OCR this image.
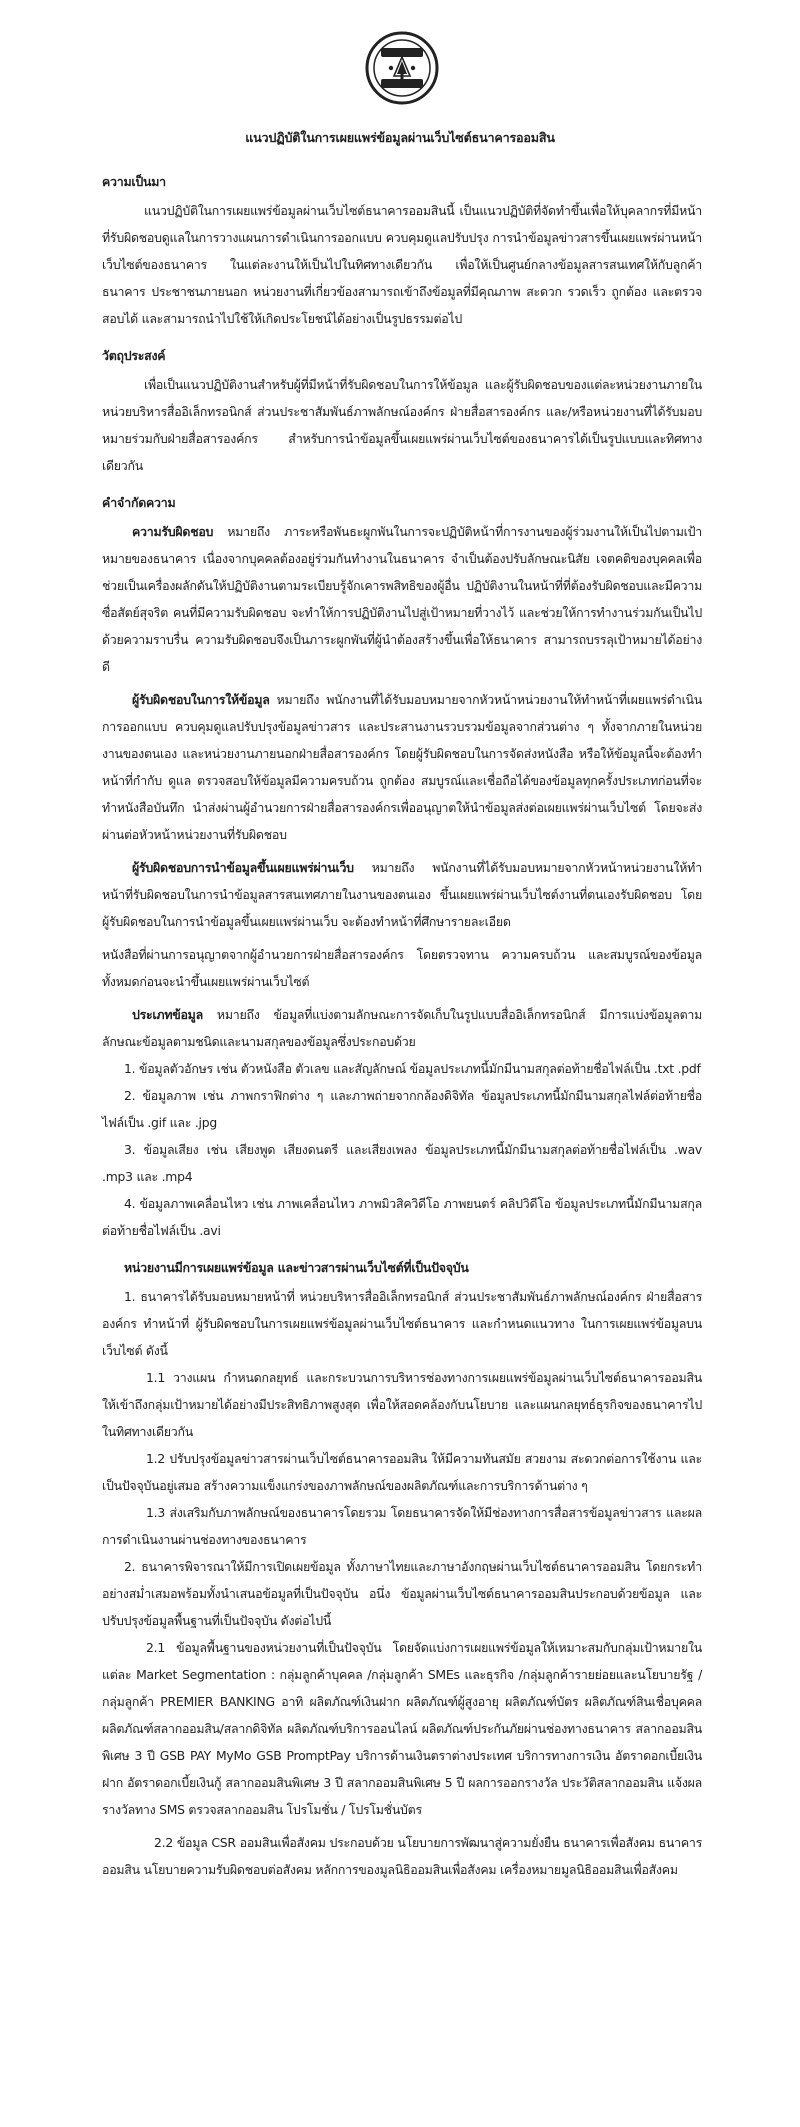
แนวปฏิบัติในการเผยแพร่ข้อมูลผ่านเว็บไซต์ธนาคารออมสิน
ความเป็นมา
แนวปฏิบัติในการเผยแพร่ข้อมูลผ่านเว็บไซต์ธนาคารออมสินนี้ เป็นแนวปฏิบัติที่จัดทำขึ้นเพื่อให้บุคลากรที่มีหน้าที่รับผิดชอบดูแลในการวางแผนการดำเนินการออกแบบ ควบคุมดูแลปรับปรุง การนำข้อมูลข่าวสารขึ้นเผยแพร่ผ่านหน้าเว็บไซต์ของธนาคาร ในแต่ละงานให้เป็นไปในทิศทางเดียวกัน เพื่อให้เป็นศูนย์กลางข้อมูลสารสนเทศให้กับลูกค้าธนาคาร ประชาชนภายนอก หน่วยงานที่เกี่ยวข้องสามารถเข้าถึงข้อมูลที่มีคุณภาพ สะดวก รวดเร็ว ถูกต้อง และตรวจสอบได้ และสามารถนำไปใช้ให้เกิดประโยชน์ได้อย่างเป็นรูปธรรมต่อไป
วัตถุประสงค์
เพื่อเป็นแนวปฏิบัติงานสำหรับผู้ที่มีหน้าที่รับผิดชอบในการให้ข้อมูล และผู้รับผิดชอบของแต่ละหน่วยงานภายในหน่วยบริหารสื่ออิเล็กทรอนิกส์ ส่วนประชาสัมพันธ์ภาพลักษณ์องค์กร ฝ่ายสื่อสารองค์กร และ/หรือหน่วยงานที่ได้รับมอบหมายร่วมกับฝ่ายสื่อสารองค์กร สำหรับการนำข้อมูลขึ้นเผยแพร่ผ่านเว็บไซต์ของธนาคารได้เป็นรูปแบบและทิศทางเดียวกัน
คำจำกัดความ
ความรับผิดชอบ หมายถึง ภาระหรือพันธะผูกพันในการจะปฏิบัติหน้าที่การงานของผู้ร่วมงานให้เป็นไปตามเป้าหมายของธนาคาร เนื่องจากบุคคลต้องอยู่ร่วมกันทำงานในธนาคาร จำเป็นต้องปรับลักษณะนิสัย เจตคติของบุคคลเพื่อช่วยเป็นเครื่องผลักดันให้ปฏิบัติงานตามระเบียบรู้จักเคารพสิทธิของผู้อื่น ปฏิบัติงานในหน้าที่ที่ต้องรับผิดชอบและมีความซื่อสัตย์สุจริต คนที่มีความรับผิดชอบ จะทำให้การปฏิบัติงานไปสู่เป้าหมายที่วางไว้ และช่วยให้การทำงานร่วมกันเป็นไปด้วยความราบรื่น ความรับผิดชอบจึงเป็นภาระผูกพันที่ผู้นำต้องสร้างขึ้นเพื่อให้ธนาคาร สามารถบรรลุเป้าหมายได้อย่างดี
ผู้รับผิดชอบในการให้ข้อมูล หมายถึง พนักงานที่ได้รับมอบหมายจากหัวหน้าหน่วยงานให้ทำหน้าที่เผยแพร่ดำเนินการออกแบบ ควบคุมดูแลปรับปรุงข้อมูลข่าวสาร และประสานงานรวบรวมข้อมูลจากส่วนต่าง ๆ ทั้งจากภายในหน่วยงานของตนเอง และหน่วยงานภายนอกฝ่ายสื่อสารองค์กร โดยผู้รับผิดชอบในการจัดส่งหนังสือ หรือให้ข้อมูลนี้จะต้องทำหน้าที่กำกับ ดูแล ตรวจสอบให้ข้อมูลมีความครบถ้วน ถูกต้อง สมบูรณ์และเชื่อถือได้ของข้อมูลทุกครั้งประเภทก่อนที่จะทำหนังสือบันทึก นำส่งผ่านผู้อำนวยการฝ่ายสื่อสารองค์กรเพื่ออนุญาตให้นำข้อมูลส่งต่อเผยแพร่ผ่านเว็บไซต์ โดยจะส่งผ่านต่อหัวหน้าหน่วยงานที่รับผิดชอบ
ผู้รับผิดชอบการนำข้อมูลขึ้นเผยแพร่ผ่านเว็บ หมายถึง พนักงานที่ได้รับมอบหมายจากหัวหน้าหน่วยงานให้ทำหน้าที่รับผิดชอบในการนำข้อมูลสารสนเทศภายในงานของตนเอง ขึ้นเผยแพร่ผ่านเว็บไซต์งานที่ตนเองรับผิดชอบ โดยผู้รับผิดชอบในการนำข้อมูลขึ้นเผยแพร่ผ่านเว็บ จะต้องทำหน้าที่ศึกษารายละเอียด
หนังสือที่ผ่านการอนุญาตจากผู้อำนวยการฝ่ายสื่อสารองค์กร โดยตรวจทาน ความครบถ้วน และสมบูรณ์ของข้อมูลทั้งหมดก่อนจะนำขึ้นเผยแพร่ผ่านเว็บไซต์
ประเภทข้อมูล หมายถึง ข้อมูลที่แบ่งตามลักษณะการจัดเก็บในรูปแบบสื่ออิเล็กทรอนิกส์ มีการแบ่งข้อมูลตามลักษณะข้อมูลตามชนิดและนามสกุลของข้อมูลซึ่งประกอบด้วย
1. ข้อมูลตัวอักษร เช่น ตัวหนังสือ ตัวเลข และสัญลักษณ์ ข้อมูลประเภทนี้มักมีนามสกุลต่อท้ายชื่อไฟล์เป็น .txt .pdf
2. ข้อมูลภาพ เช่น ภาพกราฟิกต่าง ๆ และภาพถ่ายจากกล้องดิจิทัล ข้อมูลประเภทนี้มักมีนามสกุลไฟล์ต่อท้ายชื่อไฟล์เป็น .gif และ .jpg
3. ข้อมูลเสียง เช่น เสียงพูด เสียงดนตรี และเสียงเพลง ข้อมูลประเภทนี้มักมีนามสกุลต่อท้ายชื่อไฟล์เป็น .wav .mp3 และ .mp4
4. ข้อมูลภาพเคลื่อนไหว เช่น ภาพเคลื่อนไหว ภาพมิวสิควิดีโอ ภาพยนตร์ คลิปวิดีโอ ข้อมูลประเภทนี้มักมีนามสกุลต่อท้ายชื่อไฟล์เป็น .avi
หน่วยงานมีการเผยแพร่ข้อมูล และข่าวสารผ่านเว็บไซต์ที่เป็นปัจจุบัน
1. ธนาคารได้รับมอบหมายหน้าที่ หน่วยบริหารสื่ออิเล็กทรอนิกส์ ส่วนประชาสัมพันธ์ภาพลักษณ์องค์กร ฝ่ายสื่อสารองค์กร ทำหน้าที่ ผู้รับผิดชอบในการเผยแพร่ข้อมูลผ่านเว็บไซต์ธนาคาร และกำหนดแนวทาง ในการเผยแพร่ข้อมูลบนเว็บไซต์ ดังนี้
1.1 วางแผน กำหนดกลยุทธ์ และกระบวนการบริหารช่องทางการเผยแพร่ข้อมูลผ่านเว็บไซต์ธนาคารออมสิน ให้เข้าถึงกลุ่มเป้าหมายได้อย่างมีประสิทธิภาพสูงสุด เพื่อให้สอดคล้องกับนโยบาย และแผนกลยุทธ์ธุรกิจของธนาคารไปในทิศทางเดียวกัน
1.2 ปรับปรุงข้อมูลข่าวสารผ่านเว็บไซต์ธนาคารออมสิน ให้มีความทันสมัย สวยงาม สะดวกต่อการใช้งาน และเป็นปัจจุบันอยู่เสมอ สร้างความแข็งแกร่งของภาพลักษณ์ของผลิตภัณฑ์และการบริการด้านต่าง ๆ
1.3 ส่งเสริมกับภาพลักษณ์ของธนาคารโดยรวม โดยธนาคารจัดให้มีช่องทางการสื่อสารข้อมูลข่าวสาร และผลการดำเนินงานผ่านช่องทางของธนาคาร
2. ธนาคารพิจารณาให้มีการเปิดเผยข้อมูล ทั้งภาษาไทยและภาษาอังกฤษผ่านเว็บไซต์ธนาคารออมสิน โดยกระทำอย่างสม่ำเสมอพร้อมทั้งนำเสนอข้อมูลที่เป็นปัจจุบัน อนึ่ง ข้อมูลผ่านเว็บไซต์ธนาคารออมสินประกอบด้วยข้อมูล และปรับปรุงข้อมูลพื้นฐานที่เป็นปัจจุบัน ดังต่อไปนี้
2.1 ข้อมูลพื้นฐานของหน่วยงานที่เป็นปัจจุบัน โดยจัดแบ่งการเผยแพร่ข้อมูลให้เหมาะสมกับกลุ่มเป้าหมายในแต่ละ Market Segmentation : กลุ่มลูกค้าบุคคล /กลุ่มลูกค้า SMEs และธุรกิจ /กลุ่มลูกค้ารายย่อยและนโยบายรัฐ /กลุ่มลูกค้า PREMIER BANKING อาทิ ผลิตภัณฑ์เงินฝาก ผลิตภัณฑ์ผู้สูงอายุ ผลิตภัณฑ์บัตร ผลิตภัณฑ์สินเชื่อบุคคล ผลิตภัณฑ์สลากออมสิน/สลากดิจิทัล ผลิตภัณฑ์บริการออนไลน์ ผลิตภัณฑ์ประกันภัยผ่านช่องทางธนาคาร สลากออมสินพิเศษ 3 ปี GSB PAY MyMo GSB PromptPay บริการด้านเงินตราต่างประเทศ บริการทางการเงิน อัตราดอกเบี้ยเงินฝาก อัตราดอกเบี้ยเงินกู้ สลากออมสินพิเศษ 3 ปี สลากออมสินพิเศษ 5 ปี ผลการออกรางวัล ประวัติสลากออมสิน แจ้งผลรางวัลทาง SMS ตรวจสลากออมสิน โปรโมชั่น / โปรโมชั่นบัตร
2.2 ข้อมูล CSR ออมสินเพื่อสังคม ประกอบด้วย นโยบายการพัฒนาสู่ความยั่งยืน ธนาคารเพื่อสังคม ธนาคารออมสิน นโยบายความรับผิดชอบต่อสังคม หลักการของมูลนิธิออมสินเพื่อสังคม เครื่องหมายมูลนิธิออมสินเพื่อสังคม
